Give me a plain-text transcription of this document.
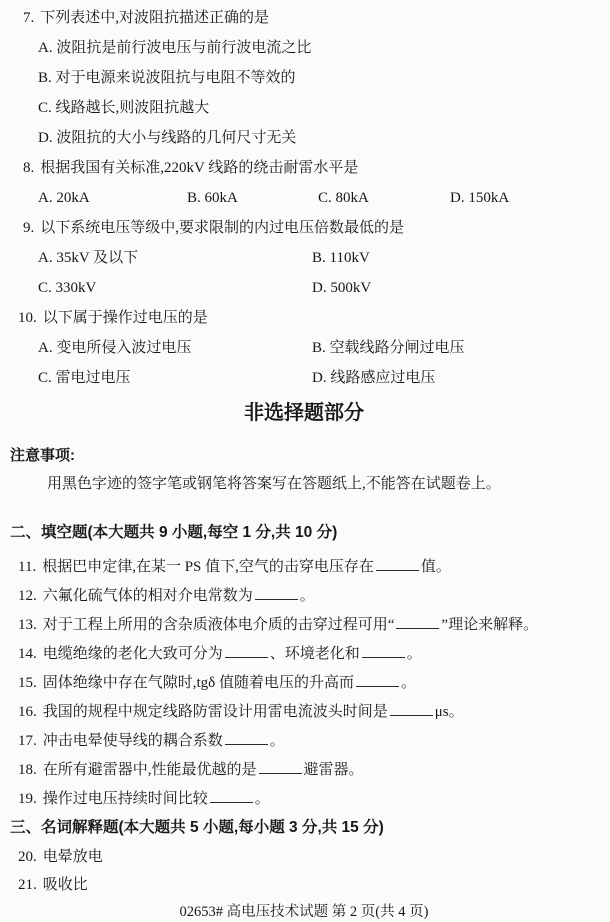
7. 下列表述中,对波阻抗描述正确的是
A. 波阻抗是前行波电压与前行波电流之比
B. 对于电源来说波阻抗与电阻不等效的
C. 线路越长,则波阻抗越大
D. 波阻抗的大小与线路的几何尺寸无关
8. 根据我国有关标准,220kV 线路的绕击耐雷水平是
A. 20kA	B. 60kA	C. 80kA	D. 150kA
9. 以下系统电压等级中,要求限制的内过电压倍数最低的是
A. 35kV 及以下	B. 110kV
C. 330kV	D. 500kV
10. 以下属于操作过电压的是
A. 变电所侵入波过电压	B. 空载线路分闸过电压
C. 雷电过电压	D. 线路感应过电压
非选择题部分
注意事项:
用黑色字迹的签字笔或钢笔将答案写在答题纸上,不能答在试题卷上。
二、填空题(本大题共 9 小题,每空 1 分,共 10 分)
11. 根据巴申定律,在某一 PS 值下,空气的击穿电压存在	值。
12. 六氟化硫气体的相对介电常数为	。
13. 对于工程上所用的含杂质液体电介质的击穿过程可用“	”理论来解释。
14. 电缆绝缘的老化大致可分为	、环境老化和	。
15. 固体绝缘中存在气隙时,tgδ 值随着电压的升高而	。
16. 我国的规程中规定线路防雷设计用雷电流波头时间是	μs。
17. 冲击电晕使导线的耦合系数	。
18. 在所有避雷器中,性能最优越的是	避雷器。
19. 操作过电压持续时间比较	。
三、名词解释题(本大题共 5 小题,每小题 3 分,共 15 分)
20. 电晕放电
21. 吸收比
02653# 高电压技术试题 第 2 页(共 4 页)
